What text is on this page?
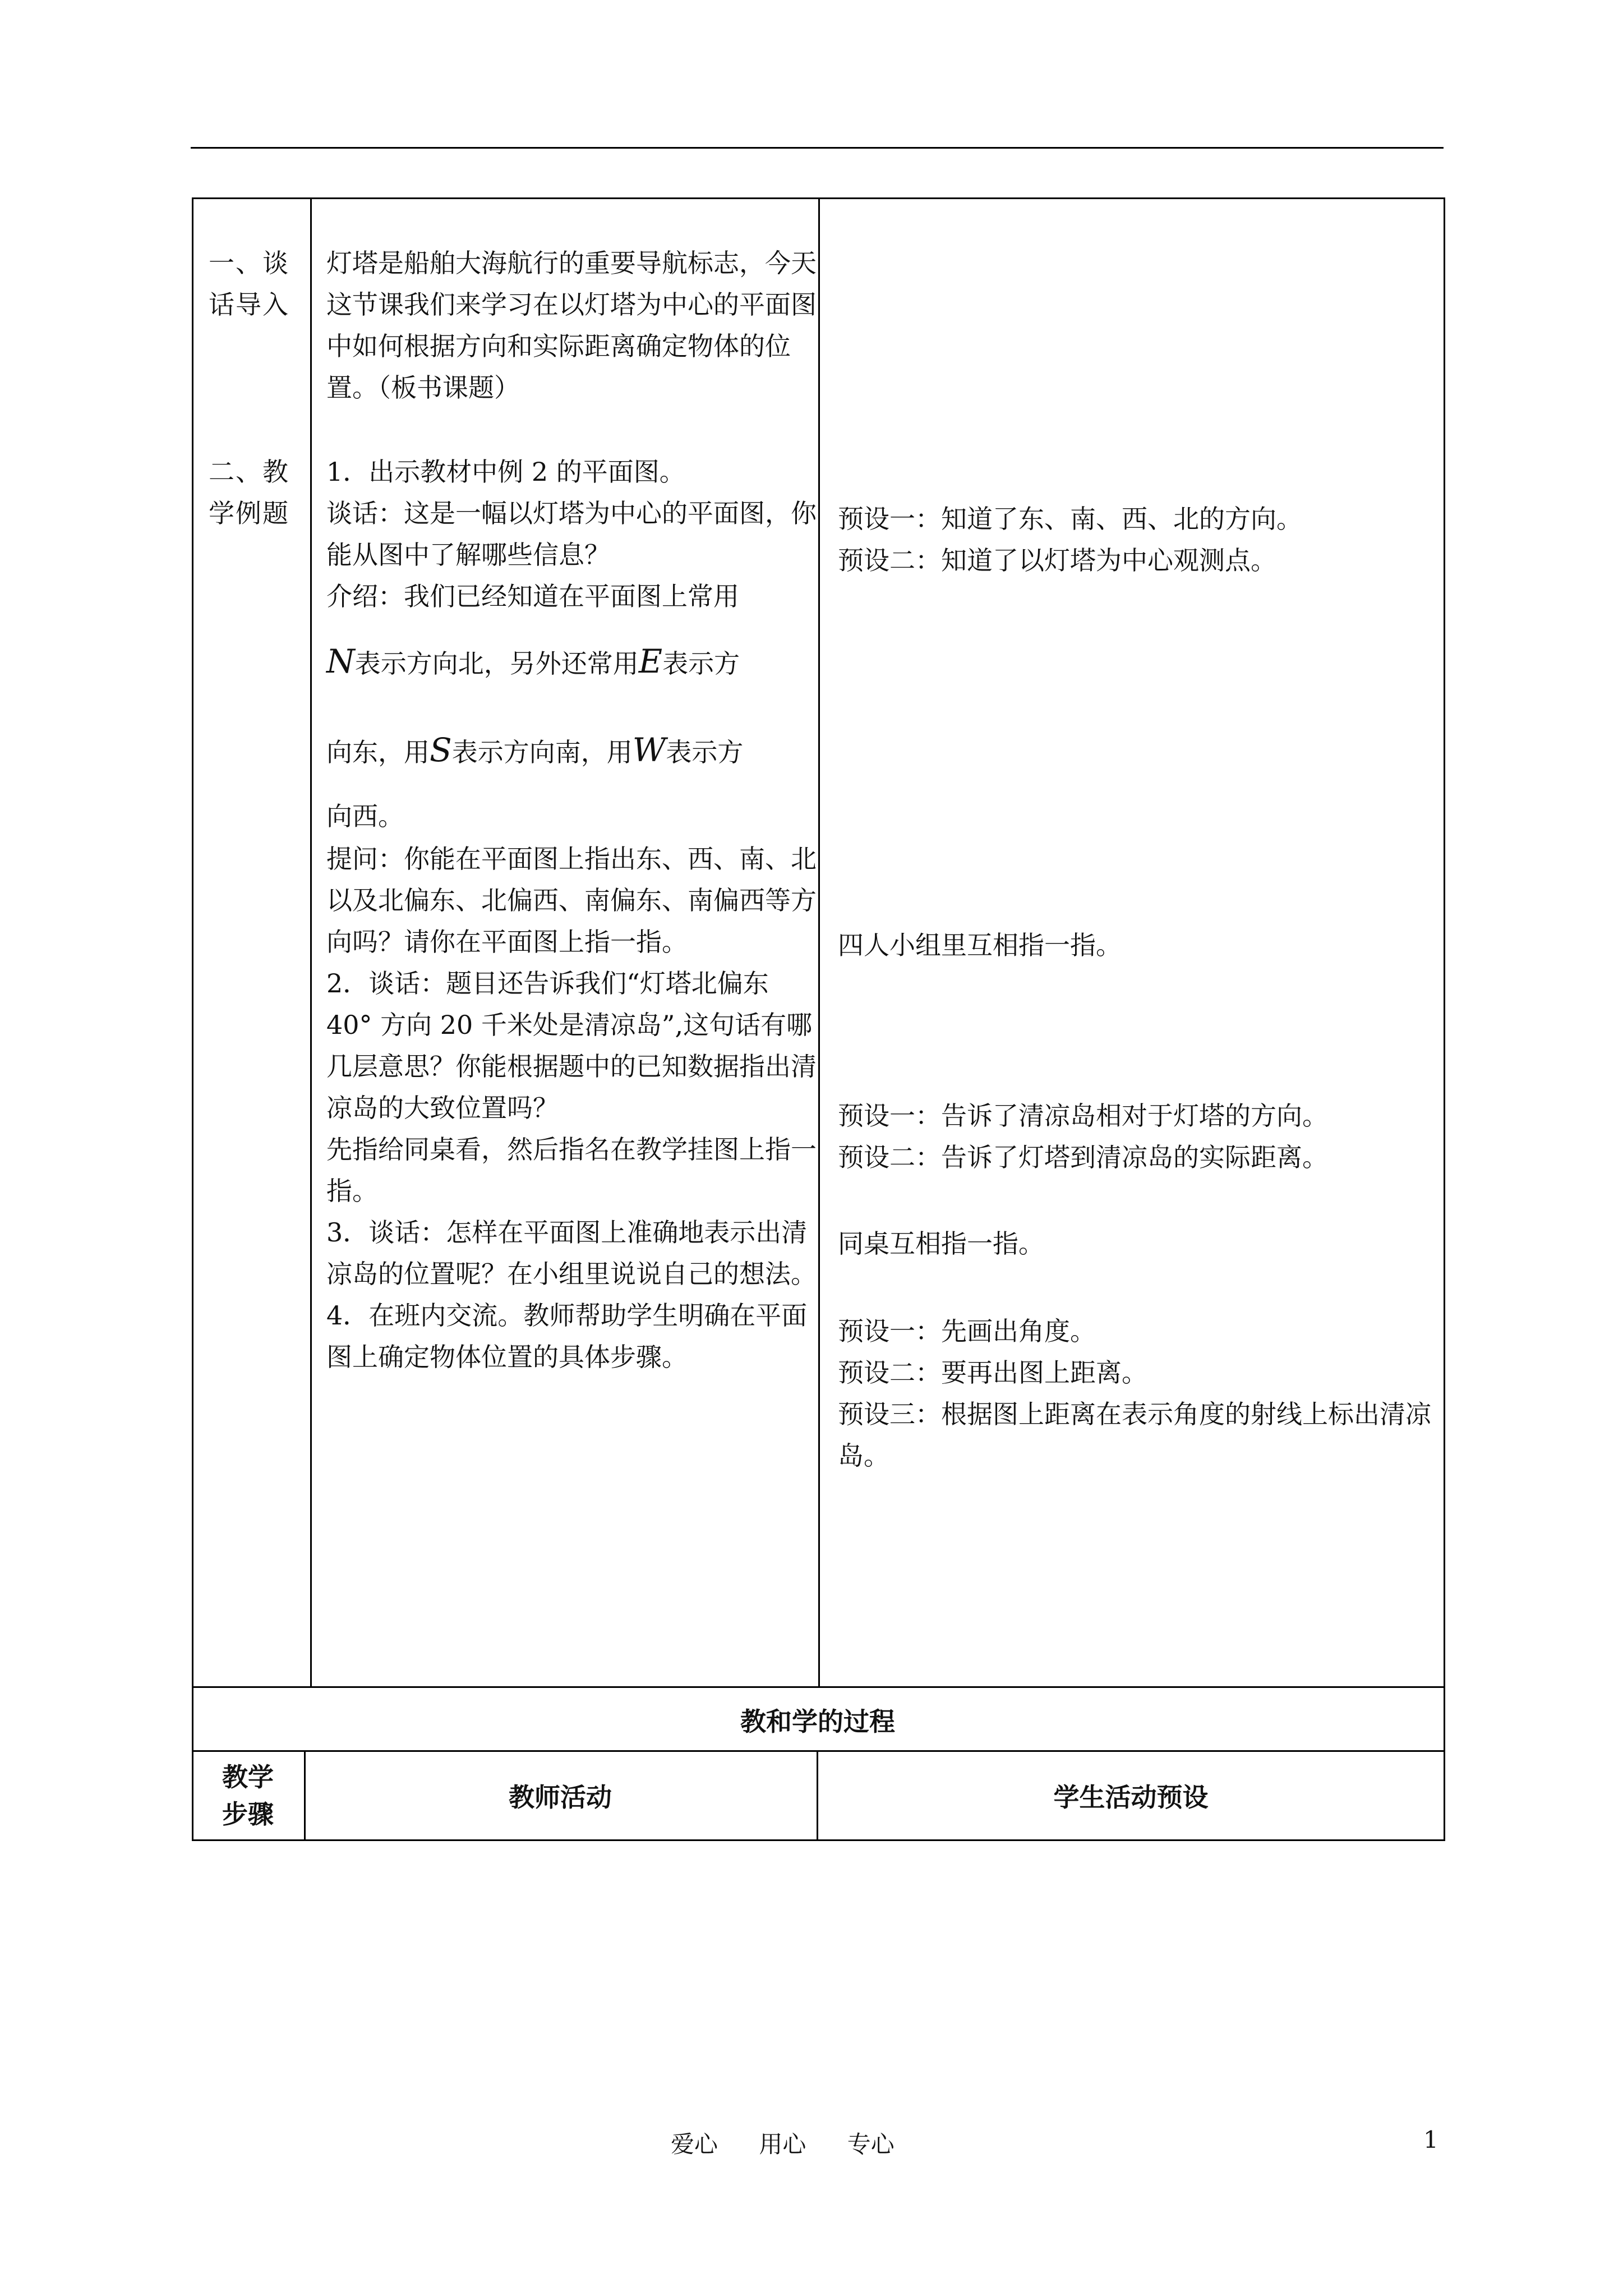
一、谈话导入
二、教学例题
灯塔是船舶大海航行的重要导航标志，今天这节课我们来学习在以灯塔为中心的平面图中如何根据方向和实际距离确定物体的位置。（板书课题）
1．出示教材中例 2 的平面图。
谈话：这是一幅以灯塔为中心的平面图，你能从图中了解哪些信息？
介绍：我们已经知道在平面图上常用
N表示方向北，另外还常用E表示方
向东，用S表示方向南，用W表示方
向西。
提问：你能在平面图上指出东、西、南、北以及北偏东、北偏西、南偏东、南偏西等方向吗？请你在平面图上指一指。
2．谈话：题目还告诉我们“灯塔北偏东 40° 方向 20 千米处是清凉岛”,这句话有哪几层意思？你能根据题中的已知数据指出清凉岛的大致位置吗？
先指给同桌看，然后指名在教学挂图上指一指。
3．谈话：怎样在平面图上准确地表示出清凉岛的位置呢？在小组里说说自己的想法。
4．在班内交流。教师帮助学生明确在平面图上确定物体位置的具体步骤。
预设一：知道了东、南、西、北的方向。
预设二：知道了以灯塔为中心观测点。
四人小组里互相指一指。
预设一：告诉了清凉岛相对于灯塔的方向。
预设二：告诉了灯塔到清凉岛的实际距离。
同桌互相指一指。
预设一：先画出角度。
预设二：要再出图上距离。
预设三：根据图上距离在表示角度的射线上标出清凉岛。
教和学的过程
教学
步骤
教师活动	学生活动预设
爱心 用心 专心	1
